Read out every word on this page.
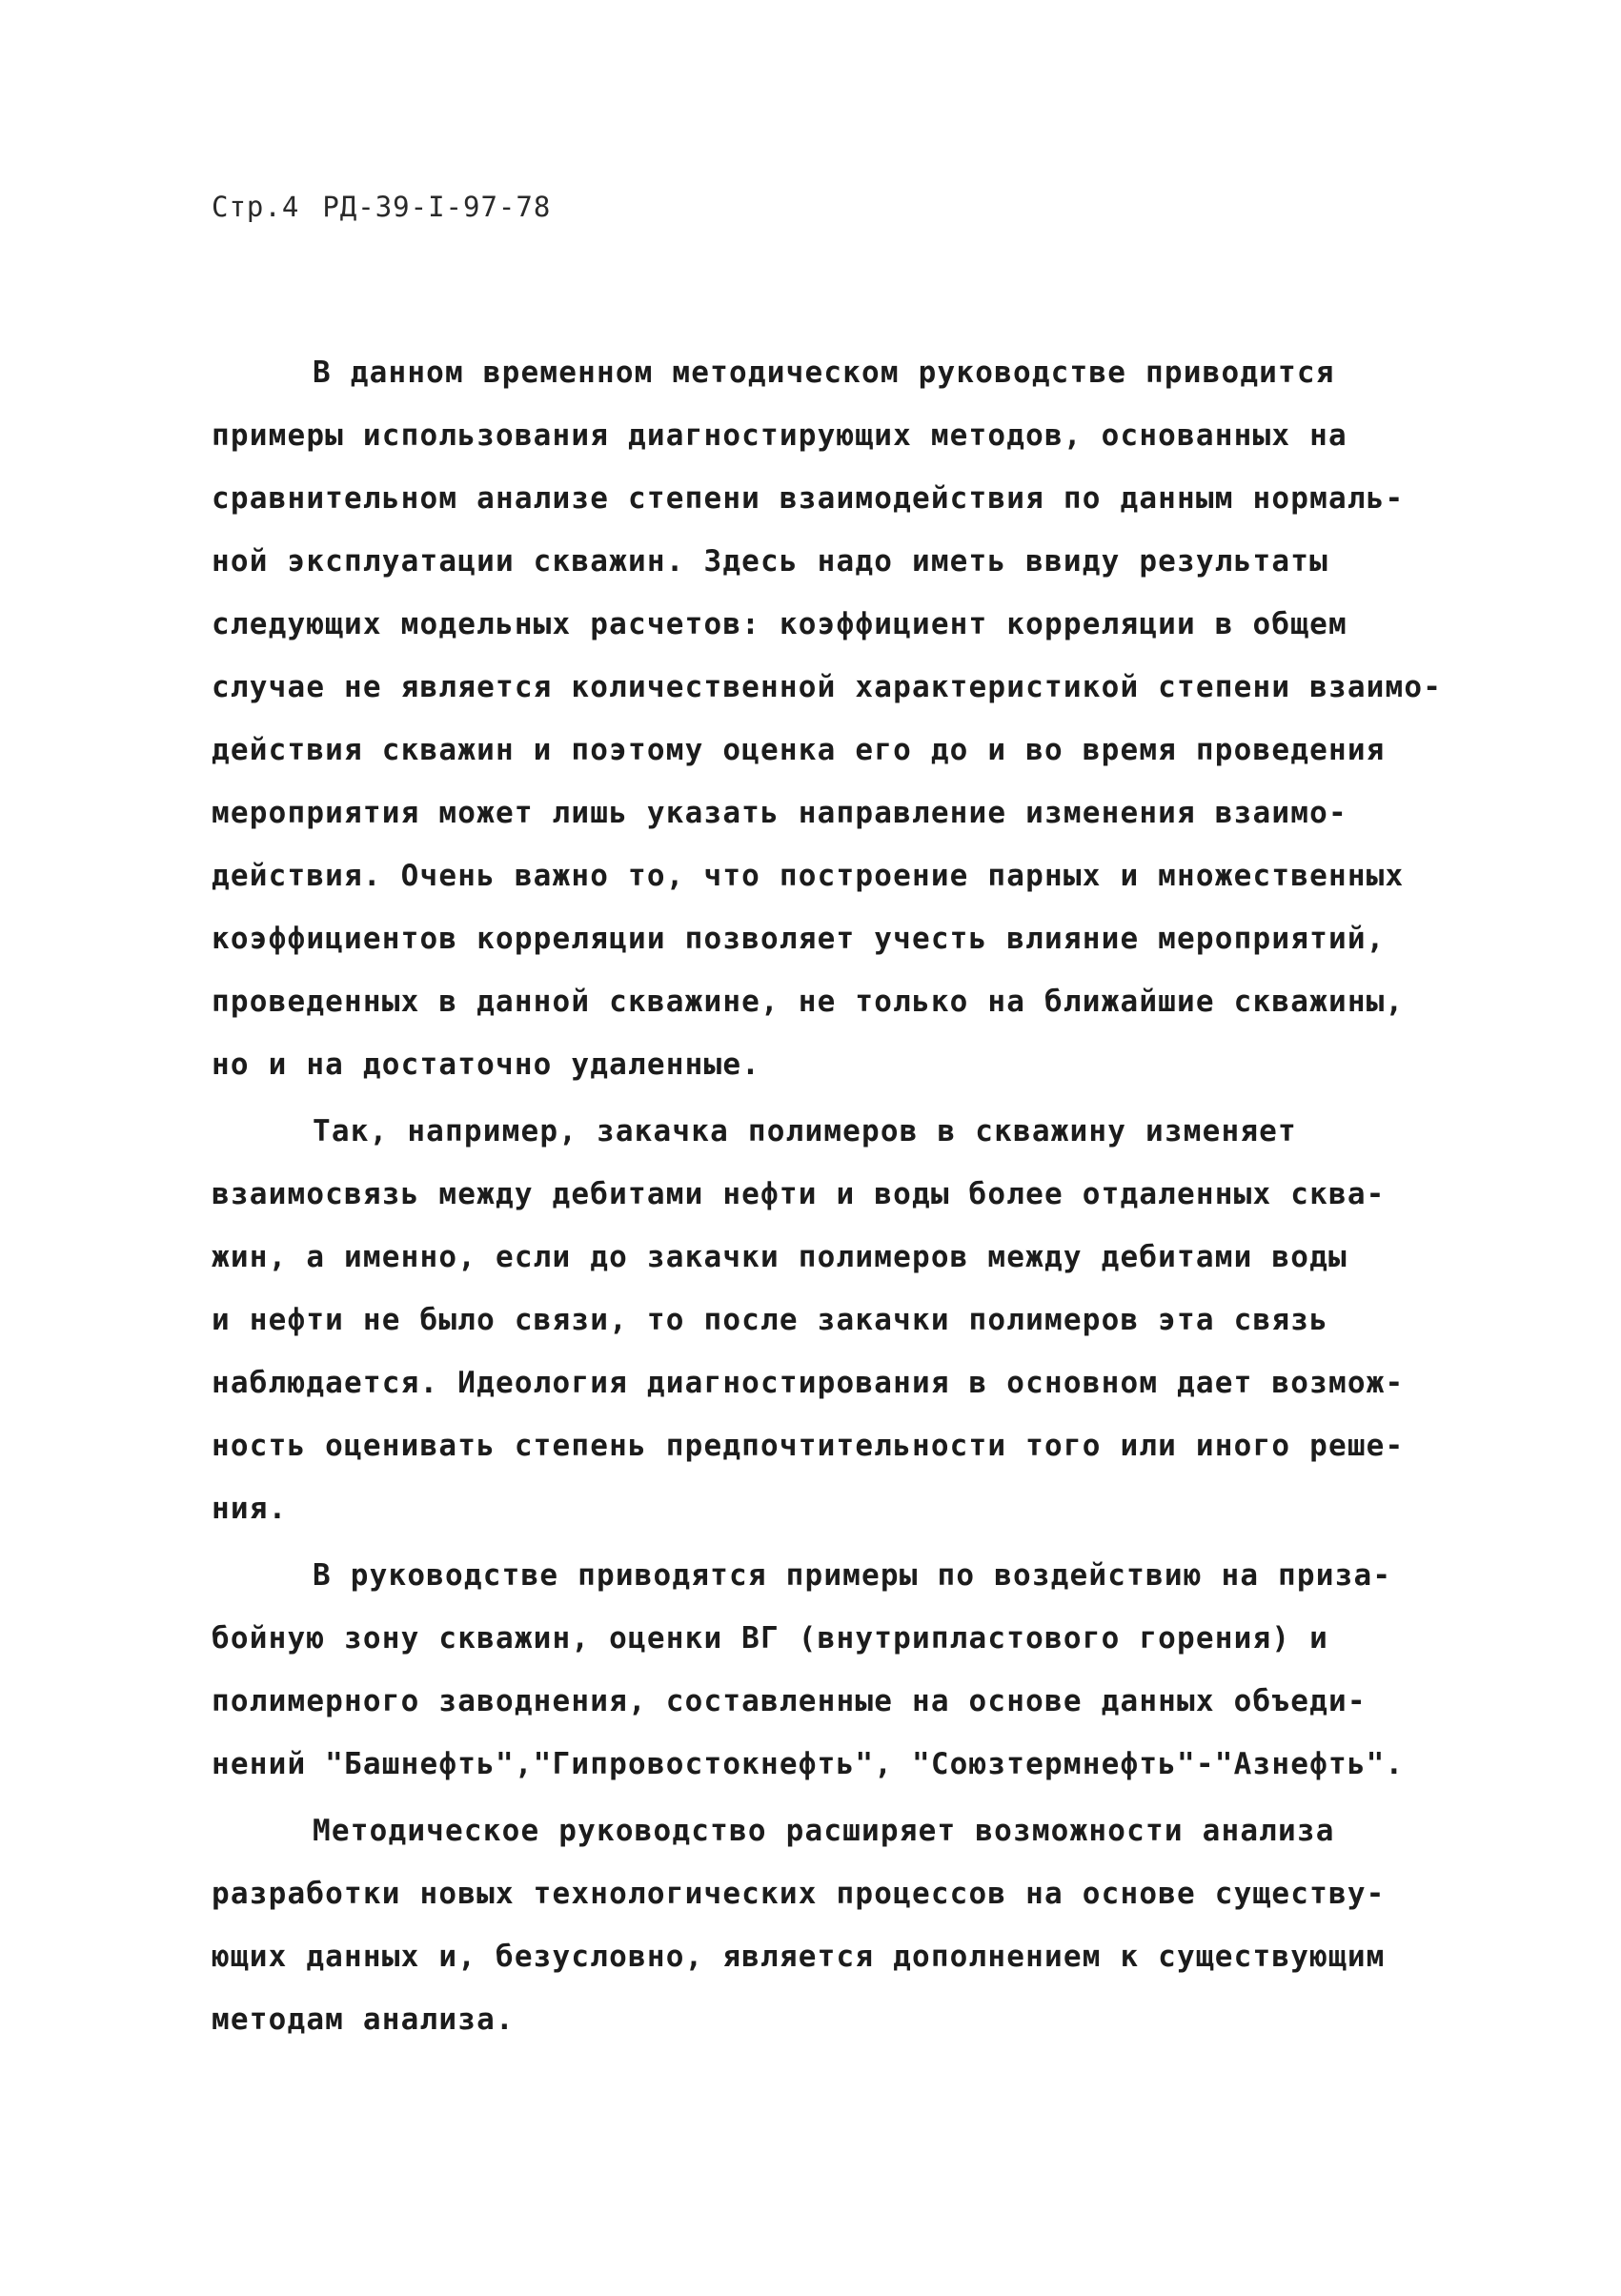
Стр.4 РД-39-I-97-78
В данном временном методическом руководстве приводится
примеры использования диагностирующих методов, основанных на
сравнительном анализе степени взаимодействия по данным нормаль-
ной эксплуатации скважин. Здесь надо иметь ввиду результаты
следующих модельных расчетов: коэффициент корреляции в общем
случае не является количественной характеристикой степени взаимо-
действия скважин и поэтому оценка его до и во время проведения
мероприятия может лишь указать направление изменения взаимо-
действия. Очень важно то, что построение парных и множественных
коэффициентов корреляции позволяет учесть влияние мероприятий,
проведенных в данной скважине, не только на ближайшие скважины,
но и на достаточно удаленные.
Так, например, закачка полимеров в скважину изменяет
взаимосвязь между дебитами нефти и воды более отдаленных сква-
жин, а именно, если до закачки полимеров между дебитами воды
и нефти не было связи, то после закачки полимеров эта связь
наблюдается. Идеология диагностирования в основном дает возмож-
ность оценивать степень предпочтительности того или иного реше-
ния.
В руководстве приводятся примеры по воздействию на приза-
бойную зону скважин, оценки ВГ (внутрипластового горения) и
полимерного заводнения, составленные на основе данных объеди-
нений "Башнефть","Гипровостокнефть", "Союзтермнефть"-"Азнефть".
Методическое руководство расширяет возможности анализа
разработки новых технологических процессов на основе существу-
ющих данных и, безусловно, является дополнением к существующим
методам анализа.
